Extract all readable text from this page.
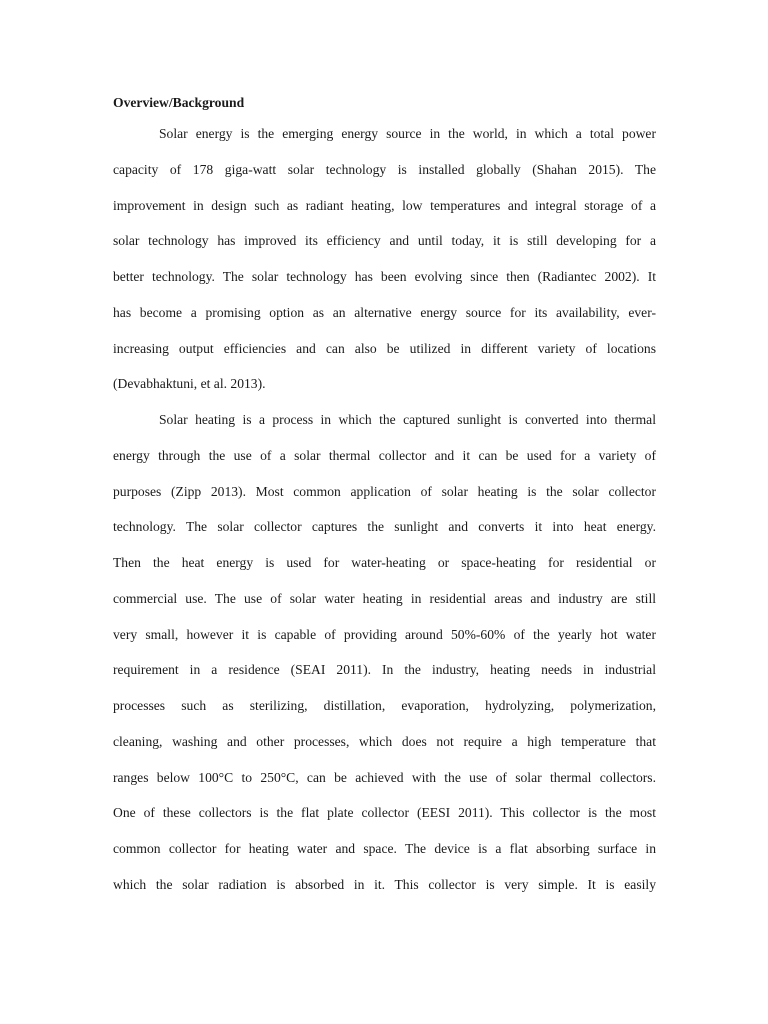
Overview/Background
Solar energy is the emerging energy source in the world, in which a total power
capacity of 178 giga-watt solar technology is installed globally (Shahan 2015). The
improvement in design such as radiant heating, low temperatures and integral storage of a
solar technology has improved its efficiency and until today, it is still developing for a
better technology. The solar technology has been evolving since then (Radiantec 2002). It
has become a promising option as an alternative energy source for its availability, ever-
increasing output efficiencies and can also be utilized in different variety of locations
(Devabhaktuni, et al. 2013).
Solar heating is a process in which the captured sunlight is converted into thermal
energy through the use of a solar thermal collector and it can be used for a variety of
purposes (Zipp 2013). Most common application of solar heating is the solar collector
technology. The solar collector captures the sunlight and converts it into heat energy.
Then the heat energy is used for water-heating or space-heating for residential or
commercial use. The use of solar water heating in residential areas and industry are still
very small, however it is capable of providing around 50%-60% of the yearly hot water
requirement in a residence (SEAI 2011). In the industry, heating needs in industrial
processes such as sterilizing, distillation, evaporation, hydrolyzing, polymerization,
cleaning, washing and other processes, which does not require a high temperature that
ranges below 100°C to 250°C, can be achieved with the use of solar thermal collectors.
One of these collectors is the flat plate collector (EESI 2011). This collector is the most
common collector for heating water and space. The device is a flat absorbing surface in
which the solar radiation is absorbed in it. This collector is very simple. It is easily
